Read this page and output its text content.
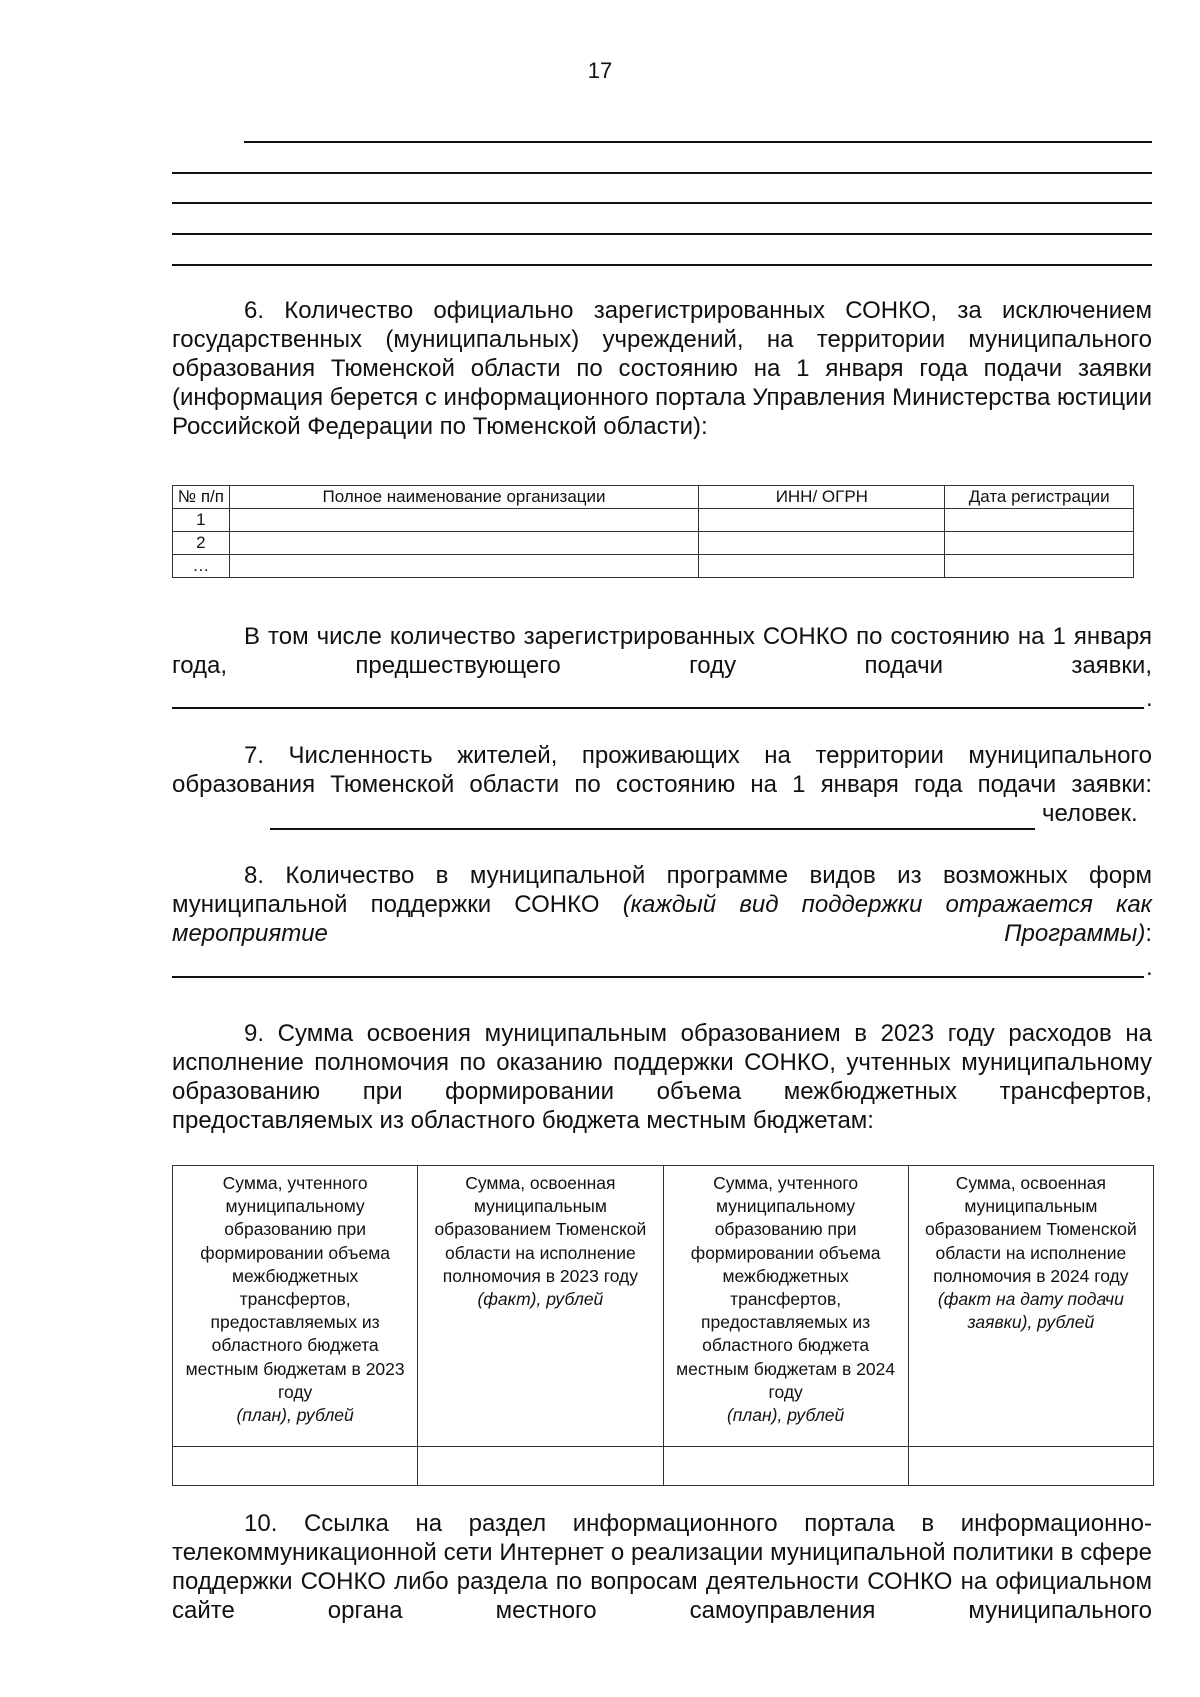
17

6. Количество официально зарегистрированных СОНКО, за исключением государственных (муниципальных) учреждений, на территории муниципального образования Тюменской области по состоянию на 1 января года подачи заявки (информация берется с информационного портала Управления Министерства юстиции Российской Федерации по Тюменской области):

№ п/п	Полное наименование организации	ИНН/ ОГРН	Дата регистрации
1			
2			
…			

В том числе количество зарегистрированных СОНКО по состоянию на 1 января года, предшествующего году подачи заявки,

.

7. Численность жителей, проживающих на территории муниципального образования Тюменской области по состоянию на 1 января года подачи заявки:

человек.

8. Количество в муниципальной программе видов из возможных форм муниципальной поддержки СОНКО (каждый вид поддержки отражается как мероприятие Программы):

.

9. Сумма освоения муниципальным образованием в 2023 году расходов на исполнение полномочия по оказанию поддержки СОНКО, учтенных муниципальному образованию при формировании объема межбюджетных трансфертов, предоставляемых из областного бюджета местным бюджетам:

Сумма, учтенного муниципальному образованию при формировании объема межбюджетных трансфертов, предоставляемых из областного бюджета местным бюджетам в 2023 году
(план), рублей	Сумма, освоенная муниципальным образованием Тюменской области на исполнение полномочия в 2023 году
(факт), рублей	Сумма, учтенного муниципальному образованию при формировании объема межбюджетных трансфертов, предоставляемых из областного бюджета местным бюджетам в 2024 году
(план), рублей	Сумма, освоенная муниципальным образованием Тюменской области на исполнение полномочия в 2024 году
(факт на дату подачи заявки), рублей

10. Ссылка на раздел информационного портала в информационно-телекоммуникационной сети Интернет о реализации муниципальной политики в сфере поддержки СОНКО либо раздела по вопросам деятельности СОНКО на официальном сайте органа местного самоуправления муниципального
